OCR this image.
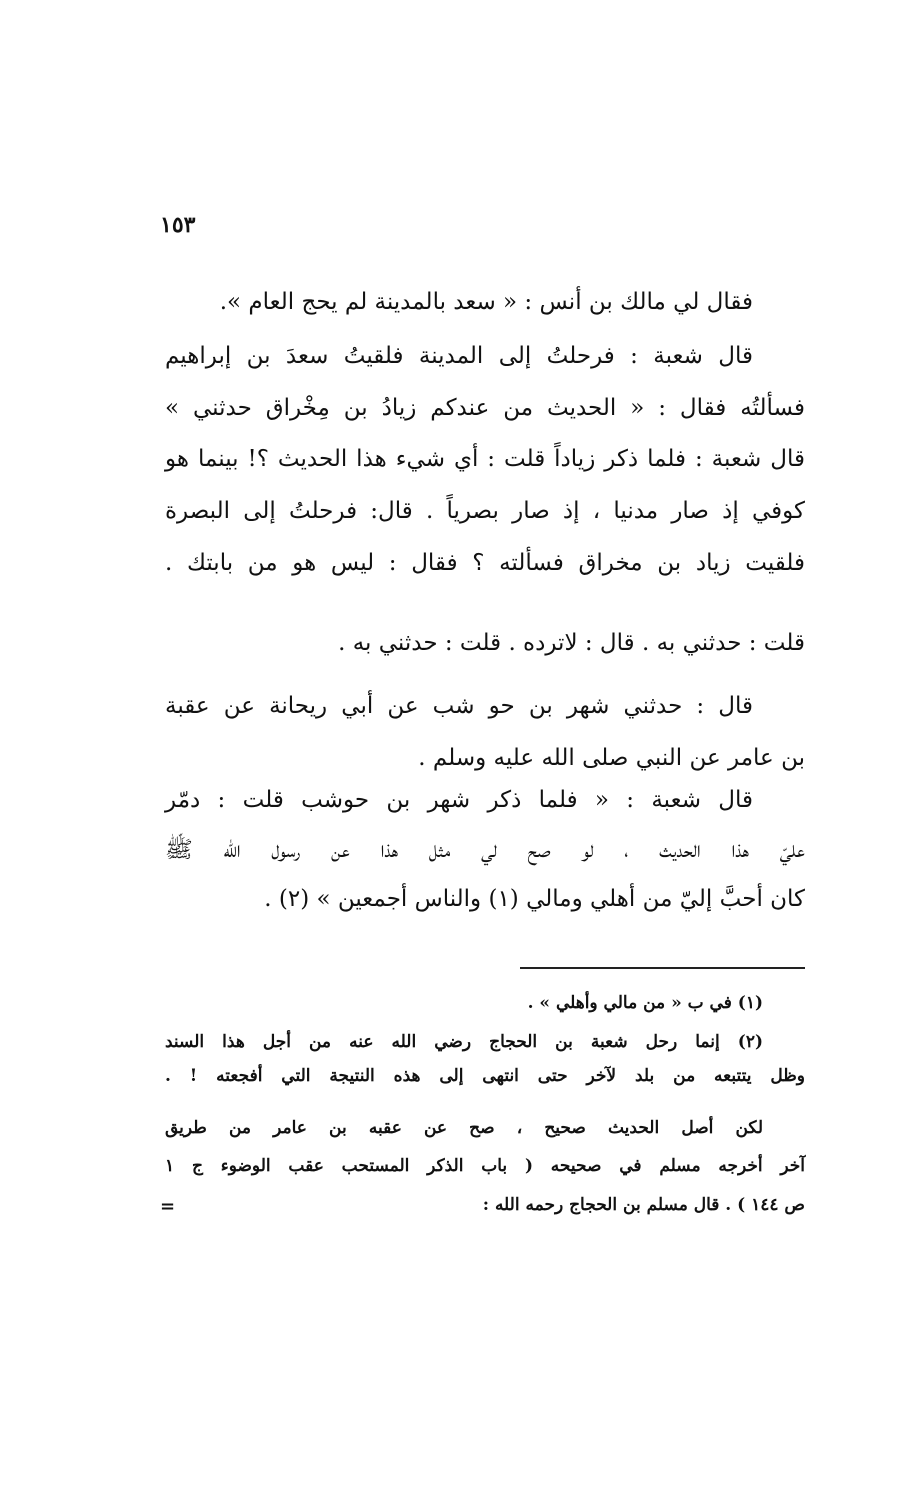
١٥٣
فقال لي مالك بن أنس : « سعد بالمدينة لم يحج العام ».
قال شعبة : فرحلتُ إلى المدينة فلقيتُ سعدَ بن إبراهيم
فسألتُه فقال : « الحديث من عندكم زيادُ بن مِخْراق حدثني »
قال شعبة : فلما ذكر زياداً قلت : أي شيء هذا الحديث ؟! بينما هو
كوفي إذ صار مدنيا ، إذ صار بصرياً . قال: فرحلتُ إلى البصرة
فلقيت زياد بن مخراق فسألته ؟ فقال : ليس هو من بابتك .
قلت : حدثني به . قال : لاترده . قلت : حدثني به .
قال : حدثني شهر بن حو شب عن أبي ريحانة عن عقبة
بن عامر عن النبي صلى الله عليه وسلم .
قال شعبة : « فلما ذكر شهر بن حوشب قلت : دمّر
عليّ هذا الحديث ، لو صح لي مثل هذا عن رسول الله ﷺ
كان أحبَّ إليّ من أهلي ومالي (١) والناس أجمعين » (٢) .
(١) في ب « من مالي وأهلي » .
(٢) إنما رحل شعبة بن الحجاج رضي الله عنه من أجل هذا السند
وظل يتتبعه من بلد لآخر حتى انتهى إلى هذه النتيجة التي أفجعته ! .
لكن أصل الحديث صحيح ، صح عن عقبه بن عامر من طريق
آخر أخرجه مسلم في صحيحه ( باب الذكر المستحب عقب الوضوء ج ١
ص ١٤٤ ) . قال مسلم بن الحجاج رحمه الله :
=
